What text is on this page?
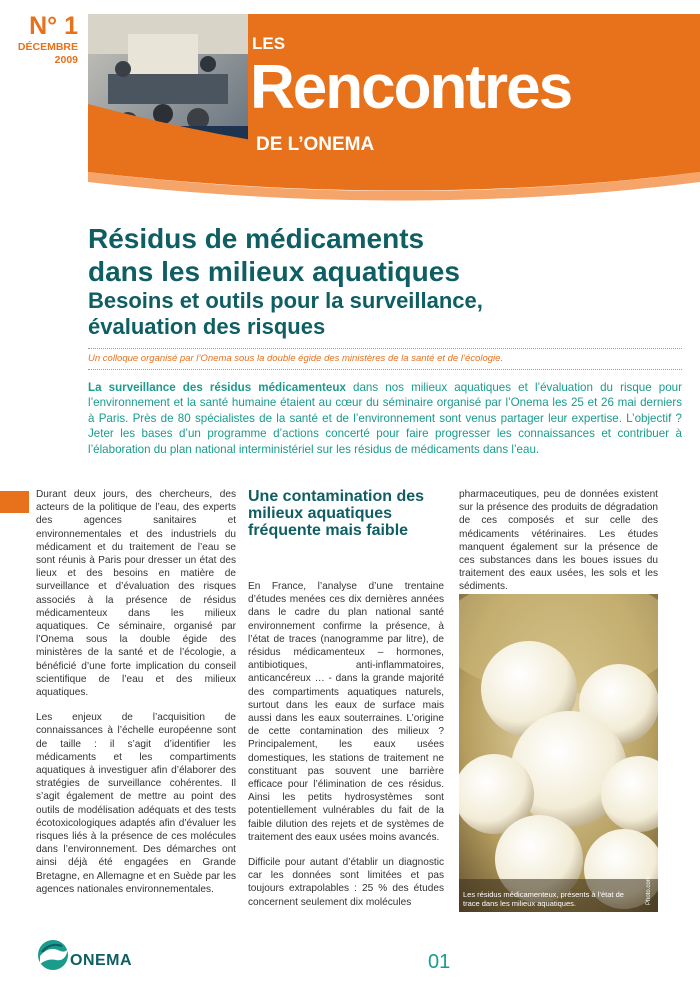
N° 1
DÉCEMBRE
2009
LES
Rencontres
DE L’ONEMA
Résidus de médicaments
dans les milieux aquatiques
Besoins et outils pour la surveillance,
évaluation des risques
Un colloque organisé par l’Onema sous la double égide des ministères de la santé et de l’écologie.
La surveillance des résidus médicamenteux dans nos milieux aquatiques et l’évaluation du risque pour l’environnement et la santé humaine étaient au cœur du séminaire organisé par l’Onema les 25 et 26 mai derniers à Paris. Près de 80 spécialistes de la santé et de l’environnement sont venus partager leur expertise. L’objectif ? Jeter les bases d’un programme d’actions concerté pour faire progresser les connaissances et contribuer à l’élaboration du plan national interministériel sur les résidus de médicaments dans l’eau.

Durant deux jours, des chercheurs, des acteurs de la politique de l’eau, des experts des agences sanitaires et environnementales et des industriels du médicament et du traitement de l’eau se sont réunis à Paris pour dresser un état des lieux et des besoins en matière de surveillance et d’évaluation des risques associés à la présence de résidus médicamenteux dans les milieux aquatiques. Ce séminaire, organisé par l’Onema sous la double égide des ministères de la santé et de l’écologie, a bénéficié d’une forte implication du conseil scientifique de l’eau et des milieux aquatiques.

Les enjeux de l’acquisition de connaissances à l’échelle européenne sont de taille : il s’agit d’identifier les médicaments et les compartiments aquatiques à investiguer afin d’élaborer des stratégies de surveillance cohérentes. Il s’agit également de mettre au point des outils de modélisation adéquats et des tests écotoxicologiques adaptés afin d’évaluer les risques liés à la présence de ces molécules dans l’environnement. Des démarches ont ainsi déjà été engagées en Grande Bretagne, en Allemagne et en Suède par les agences nationales environnementales.

Une contamination des milieux aquatiques fréquente mais faible

En France, l’analyse d’une trentaine d’études menées ces dix dernières années dans le cadre du plan national santé environnement confirme la présence, à l’état de traces (nanogramme par litre), de résidus médicamenteux – hormones, antibiotiques, anti-inflammatoires, anticancéreux … - dans la grande majorité des compartiments aquatiques naturels, surtout dans les eaux de surface mais aussi dans les eaux souterraines. L’origine de cette contamination des milieux ? Principalement, les eaux usées domestiques, les stations de traitement ne constituant pas souvent une barrière efficace pour l’élimination de ces résidus. Ainsi les petits hydrosystèmes sont potentiellement vulnérables du fait de la faible dilution des rejets et de systèmes de traitement des eaux usées moins avancés.

Difficile pour autant d’établir un diagnostic car les données sont limitées et pas toujours extrapolables : 25 % des études concernent seulement dix molécules

pharmaceutiques, peu de données existent sur la présence des produits de dégradation de ces composés et sur celle des médicaments vétérinaires. Les études manquent également sur la présence de ces substances dans les boues issues du traitement des eaux usées, les sols et les sédiments.

Les résidus médicamenteux, présents à l’état de trace dans les milieux aquatiques.	Photo.com
ONEMA	01
